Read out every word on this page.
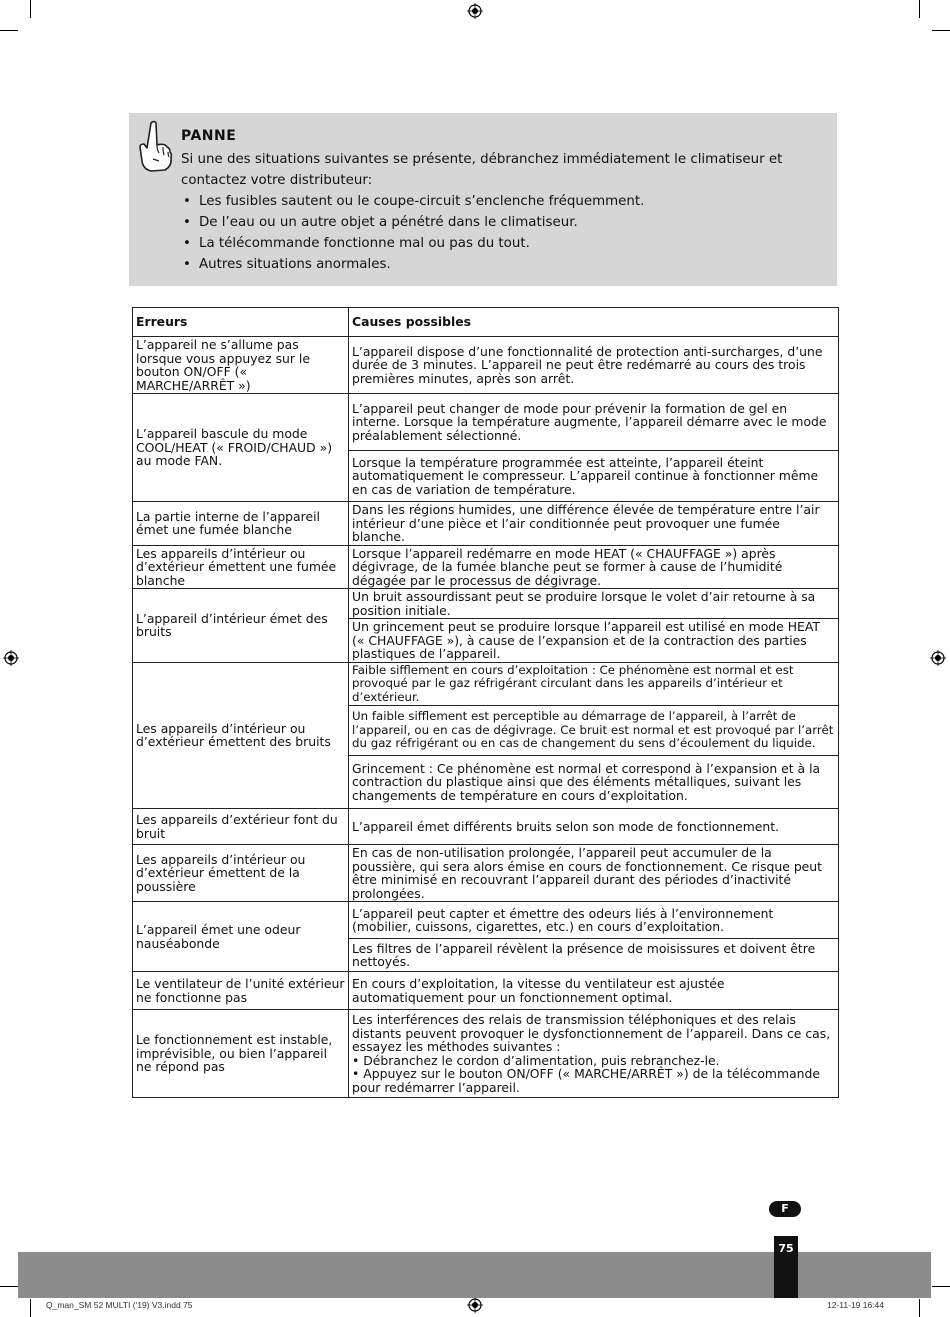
PANNE
Si une des situations suivantes se présente, débranchez immédiatement le climatiseur et contactez votre distributeur:
• Les fusibles sautent ou le coupe-circuit s’enclenche fréquemment.
• De l’eau ou un autre objet a pénétré dans le climatiseur.
• La télécommande fonctionne mal ou pas du tout.
• Autres situations anormales.
Erreurs	Causes possibles
L’appareil ne s’allume pas lorsque vous appuyez sur le bouton ON/OFF (« MARCHE/ARRÊT »)	L’appareil dispose d’une fonctionnalité de protection anti-surcharges, d’une durée de 3 minutes. L’appareil ne peut être redémarré au cours des trois premières minutes, après son arrêt.
L’appareil bascule du mode COOL/HEAT (« FROID/CHAUD ») au mode FAN.	L’appareil peut changer de mode pour prévenir la formation de gel en interne. Lorsque la température augmente, l’appareil démarre avec le mode préalablement sélectionné.
	Lorsque la température programmée est atteinte, l’appareil éteint automatiquement le compresseur. L’appareil continue à fonctionner même en cas de variation de température.
La partie interne de l’appareil émet une fumée blanche	Dans les régions humides, une différence élevée de température entre l’air intérieur d’une pièce et l’air conditionnée peut provoquer une fumée blanche.
Les appareils d’intérieur ou d’extérieur émettent une fumée blanche	Lorsque l’appareil redémarre en mode HEAT (« CHAUFFAGE ») après dégivrage, de la fumée blanche peut se former à cause de l’humidité dégagée par le processus de dégivrage.
L’appareil d’intérieur émet des bruits	Un bruit assourdissant peut se produire lorsque le volet d’air retourne à sa position initiale.
	Un grincement peut se produire lorsque l’appareil est utilisé en mode HEAT (« CHAUFFAGE »), à cause de l’expansion et de la contraction des parties plastiques de l’appareil.
Les appareils d’intérieur ou d’extérieur émettent des bruits	Faible sifflement en cours d’exploitation : Ce phénomène est normal et est provoqué par le gaz réfrigérant circulant dans les appareils d’intérieur et d’extérieur.
	Un faible sifflement est perceptible au démarrage de l’appareil, à l’arrêt de l’appareil, ou en cas de dégivrage. Ce bruit est normal et est provoqué par l’arrêt du gaz réfrigérant ou en cas de changement du sens d’écoulement du liquide.
	Grincement : Ce phénomène est normal et correspond à l’expansion et à la contraction du plastique ainsi que des éléments métalliques, suivant les changements de température en cours d’exploitation.
Les appareils d’extérieur font du bruit	L’appareil émet différents bruits selon son mode de fonctionnement.
Les appareils d’intérieur ou d’extérieur émettent de la poussière	En cas de non-utilisation prolongée, l’appareil peut accumuler de la poussière, qui sera alors émise en cours de fonctionnement. Ce risque peut être minimisé en recouvrant l’appareil durant des périodes d’inactivité prolongées.
L’appareil émet une odeur nauséabonde	L’appareil peut capter et émettre des odeurs liés à l’environnement (mobilier, cuissons, cigarettes, etc.) en cours d’exploitation.
	Les filtres de l’appareil révèlent la présence de moisissures et doivent être nettoyés.
Le ventilateur de l’unité extérieur ne fonctionne pas	En cours d’exploitation, la vitesse du ventilateur est ajustée automatiquement pour un fonctionnement optimal.
Le fonctionnement est instable, imprévisible, ou bien l’appareil ne répond pas	Les interférences des relais de transmission téléphoniques et des relais distants peuvent provoquer le dysfonctionnement de l’appareil. Dans ce cas, essayez les méthodes suivantes :
• Débranchez le cordon d’alimentation, puis rebranchez-le.
• Appuyez sur le bouton ON/OFF (« MARCHE/ARRÊT ») de la télécommande pour redémarrer l’appareil.
F
75
Q_man_SM 52 MULTI ('19) V3.indd 75	12-11-19 16:44
